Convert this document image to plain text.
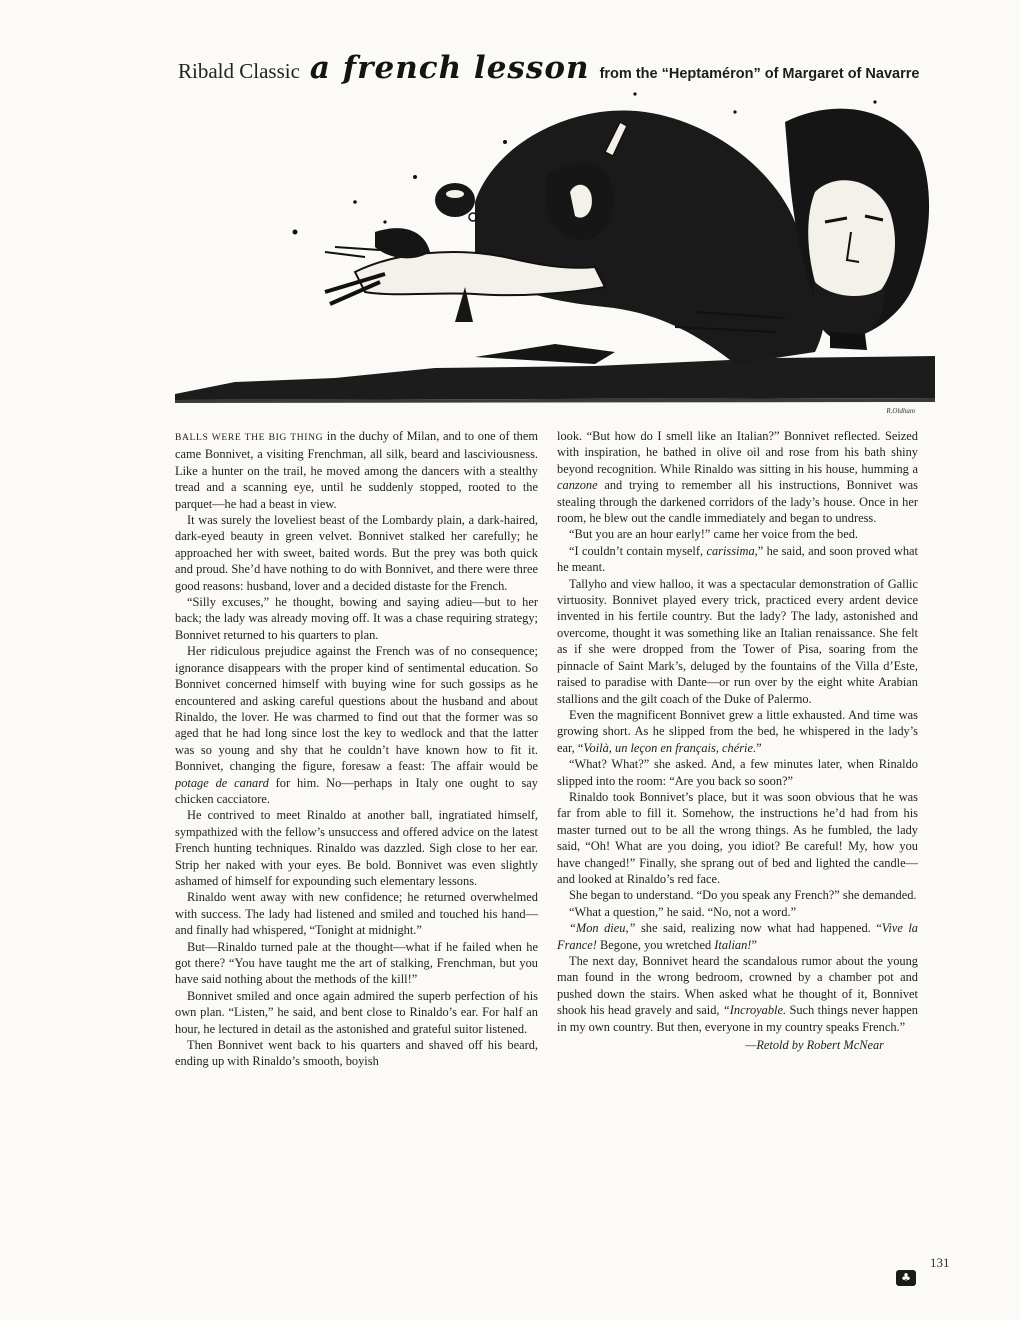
Ribald Classic a french lesson from the “Heptaméron” of Margaret of Navarre
R.Oldham

BALLS WERE THE BIG THING in the duchy of Milan, and to one of them came Bonnivet, a visiting Frenchman, all silk, beard and lasciviousness. Like a hunter on the trail, he moved among the dancers with a stealthy tread and a scanning eye, until he suddenly stopped, rooted to the parquet—he had a beast in view.

It was surely the loveliest beast of the Lombardy plain, a dark-haired, dark-eyed beauty in green velvet. Bonnivet stalked her carefully; he approached her with sweet, baited words. But the prey was both quick and proud. She’d have nothing to do with Bonnivet, and there were three good reasons: husband, lover and a decided distaste for the French.

“Silly excuses,” he thought, bowing and saying adieu—but to her back; the lady was already moving off. It was a chase requiring strategy; Bonnivet returned to his quarters to plan.

Her ridiculous prejudice against the French was of no consequence; ignorance disappears with the proper kind of sentimental education. So Bonnivet concerned himself with buying wine for such gossips as he encountered and asking careful questions about the husband and about Rinaldo, the lover. He was charmed to find out that the former was so aged that he had long since lost the key to wedlock and that the latter was so young and shy that he couldn’t have known how to fit it. Bonnivet, changing the figure, foresaw a feast: The affair would be potage de canard for him. No—perhaps in Italy one ought to say chicken cacciatore.

He contrived to meet Rinaldo at another ball, ingratiated himself, sympathized with the fellow’s unsuccess and offered advice on the latest French hunting techniques. Rinaldo was dazzled. Sigh close to her ear. Strip her naked with your eyes. Be bold. Bonnivet was even slightly ashamed of himself for expounding such elementary lessons.

Rinaldo went away with new confidence; he returned overwhelmed with success. The lady had listened and smiled and touched his hand—and finally had whispered, “Tonight at midnight.”

But—Rinaldo turned pale at the thought—what if he failed when he got there? “You have taught me the art of stalking, Frenchman, but you have said nothing about the methods of the kill!”

Bonnivet smiled and once again admired the superb perfection of his own plan. “Listen,” he said, and bent close to Rinaldo’s ear. For half an hour, he lectured in detail as the astonished and grateful suitor listened.

Then Bonnivet went back to his quarters and shaved off his beard, ending up with Rinaldo’s smooth, boyish

look. “But how do I smell like an Italian?” Bonnivet reflected. Seized with inspiration, he bathed in olive oil and rose from his bath shiny beyond recognition. While Rinaldo was sitting in his house, humming a canzone and trying to remember all his instructions, Bonnivet was stealing through the darkened corridors of the lady’s house. Once in her room, he blew out the candle immediately and began to undress.

“But you are an hour early!” came her voice from the bed.

“I couldn’t contain myself, carissima,” he said, and soon proved what he meant.

Tallyho and view halloo, it was a spectacular demonstration of Gallic virtuosity. Bonnivet played every trick, practiced every ardent device invented in his fertile country. But the lady? The lady, astonished and overcome, thought it was something like an Italian renaissance. She felt as if she were dropped from the Tower of Pisa, soaring from the pinnacle of Saint Mark’s, deluged by the fountains of the Villa d’Este, raised to paradise with Dante—or run over by the eight white Arabian stallions and the gilt coach of the Duke of Palermo.

Even the magnificent Bonnivet grew a little exhausted. And time was growing short. As he slipped from the bed, he whispered in the lady’s ear, “Voilà, un leçon en français, chérie.”

“What? What?” she asked. And, a few minutes later, when Rinaldo slipped into the room: “Are you back so soon?”

Rinaldo took Bonnivet’s place, but it was soon obvious that he was far from able to fill it. Somehow, the instructions he’d had from his master turned out to be all the wrong things. As he fumbled, the lady said, “Oh! What are you doing, you idiot? Be careful! My, how you have changed!” Finally, she sprang out of bed and lighted the candle—and looked at Rinaldo’s red face.

She began to understand. “Do you speak any French?” she demanded.

“What a question,” he said. “No, not a word.”

“Mon dieu,” she said, realizing now what had happened. “Vive la France! Begone, you wretched Italian!”

The next day, Bonnivet heard the scandalous rumor about the young man found in the wrong bedroom, crowned by a chamber pot and pushed down the stairs. When asked what he thought of it, Bonnivet shook his head gravely and said, “Incroyable. Such things never happen in my own country. But then, everyone in my country speaks French.”

—Retold by Robert McNear

♣
131
